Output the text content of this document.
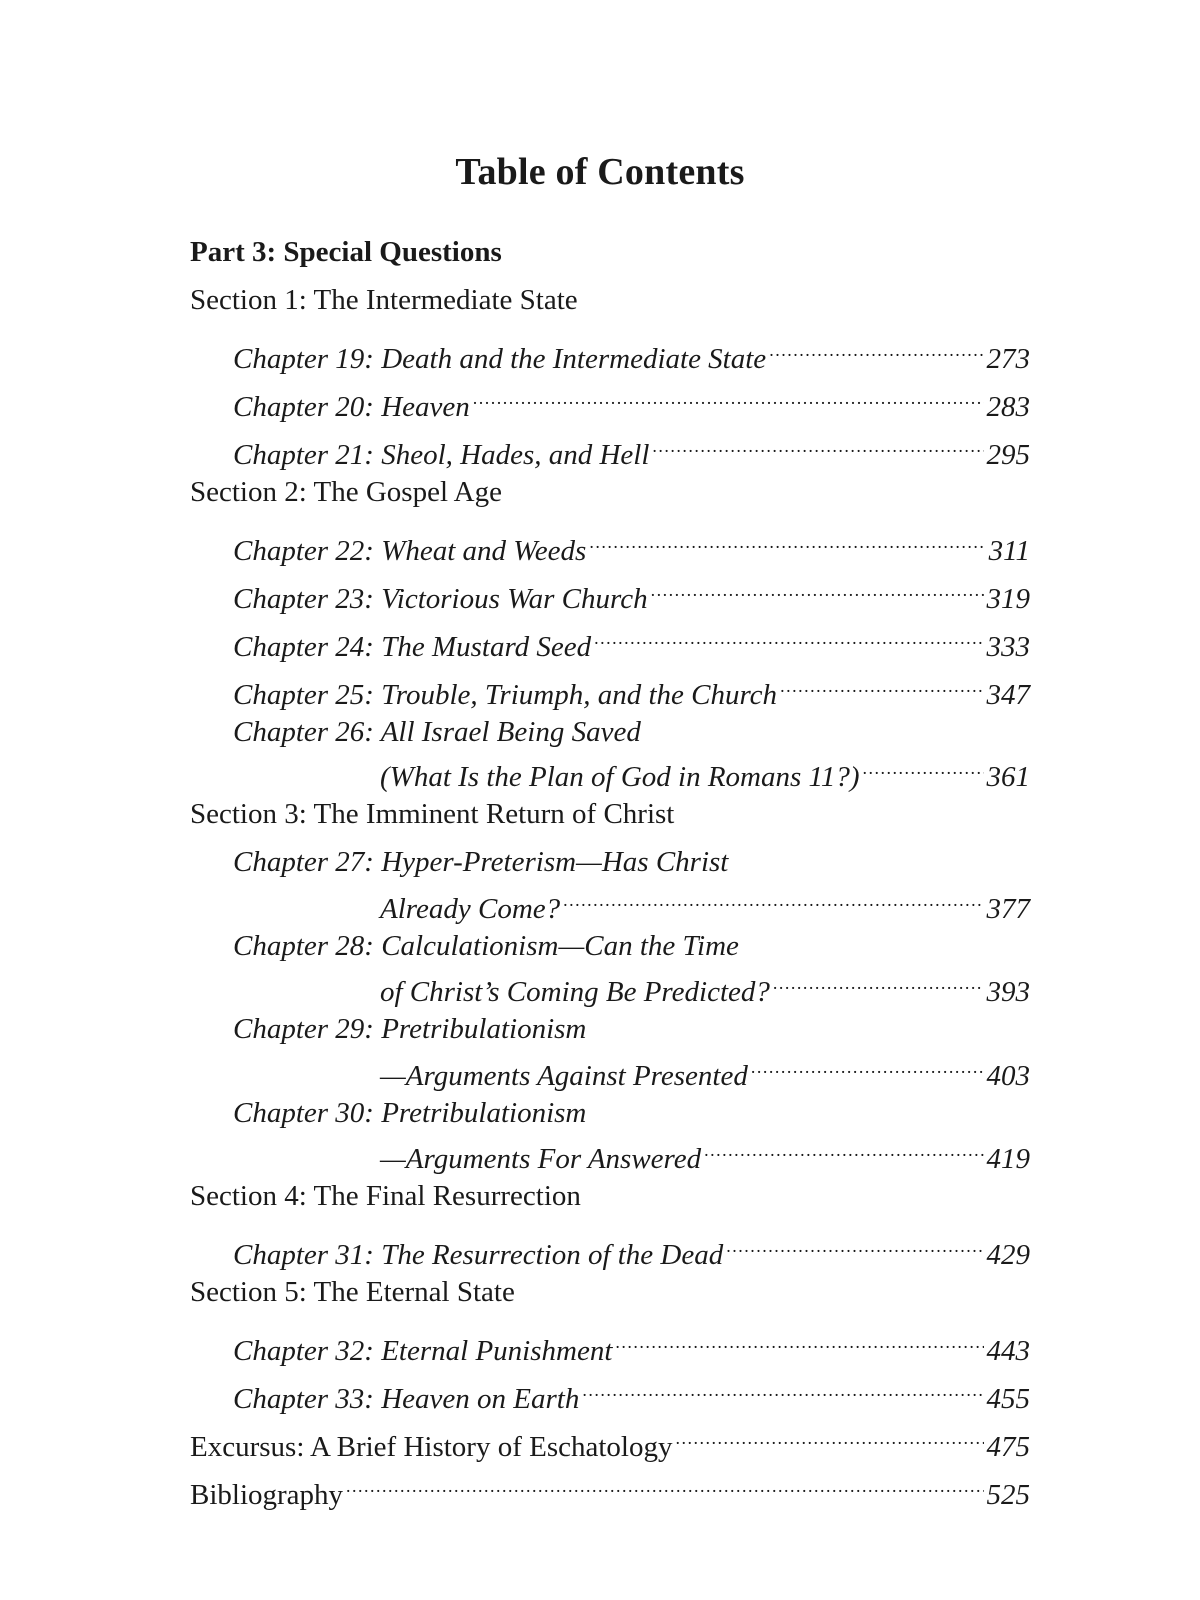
Table of Contents
Part 3: Special Questions
Section 1: The Intermediate State
Chapter 19: Death and the Intermediate State .....	273
Chapter 20: Heaven .....	283
Chapter 21: Sheol, Hades, and Hell .....	295
Section 2: The Gospel Age
Chapter 22: Wheat and Weeds .....	311
Chapter 23: Victorious War Church .....	319
Chapter 24: The Mustard Seed .....	333
Chapter 25: Trouble, Triumph, and the Church .....	347
Chapter 26: All Israel Being Saved
(What Is the Plan of God in Romans 11?) .....	361
Section 3: The Imminent Return of Christ
Chapter 27: Hyper-Preterism—Has Christ
Already Come? .....	377
Chapter 28: Calculationism—Can the Time
of Christ’s Coming Be Predicted? .....	393
Chapter 29: Pretribulationism
—Arguments Against Presented .....	403
Chapter 30: Pretribulationism
—Arguments For Answered .....	419
Section 4: The Final Resurrection
Chapter 31: The Resurrection of the Dead .....	429
Section 5: The Eternal State
Chapter 32: Eternal Punishment .....	443
Chapter 33: Heaven on Earth .....	455
Excursus: A Brief History of Eschatology .....	475
Bibliography .....	525
